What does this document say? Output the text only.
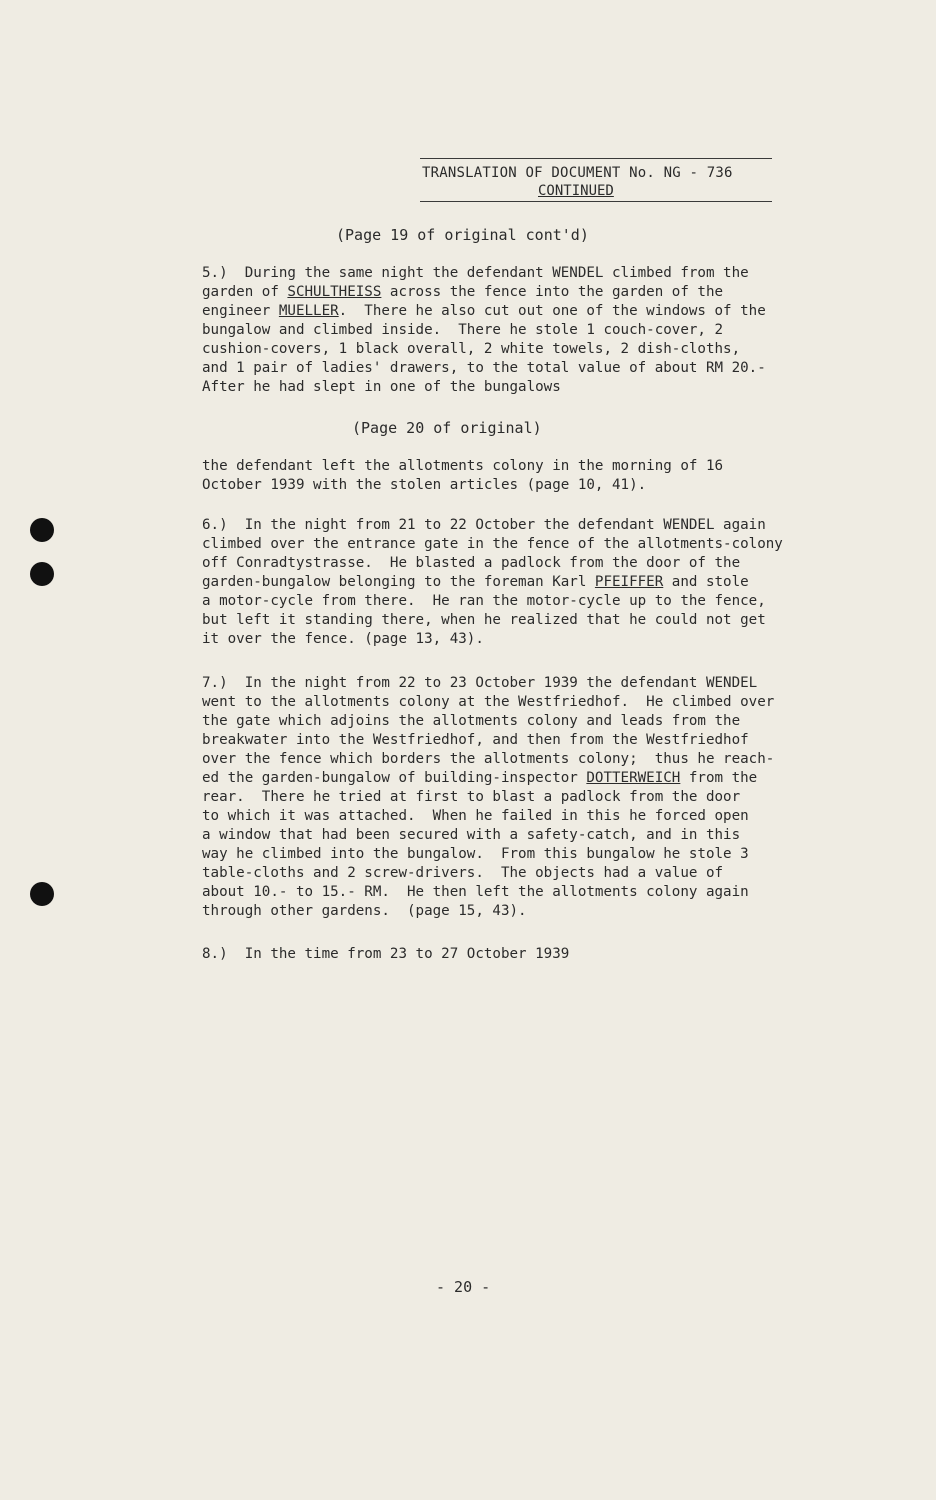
TRANSLATION OF DOCUMENT No. NG - 736
CONTINUED
(Page 19 of original cont'd)
5.)  During the same night the defendant WENDEL climbed from the
garden of SCHULTHEISS across the fence into the garden of the
engineer MUELLER.  There he also cut out one of the windows of the
bungalow and climbed inside.  There he stole 1 couch-cover, 2
cushion-covers, 1 black overall, 2 white towels, 2 dish-cloths,
and 1 pair of ladies' drawers, to the total value of about RM 20.-
After he had slept in one of the bungalows
(Page 20 of original)
the defendant left the allotments colony in the morning of 16
October 1939 with the stolen articles (page 10, 41).
6.)  In the night from 21 to 22 October the defendant WENDEL again
climbed over the entrance gate in the fence of the allotments-colony
off Conradtystrasse.  He blasted a padlock from the door of the
garden-bungalow belonging to the foreman Karl PFEIFFER and stole
a motor-cycle from there.  He ran the motor-cycle up to the fence,
but left it standing there, when he realized that he could not get
it over the fence. (page 13, 43).
7.)  In the night from 22 to 23 October 1939 the defendant WENDEL
went to the allotments colony at the Westfriedhof.  He climbed over
the gate which adjoins the allotments colony and leads from the
breakwater into the Westfriedhof, and then from the Westfriedhof
over the fence which borders the allotments colony;  thus he reach-
ed the garden-bungalow of building-inspector DOTTERWEICH from the
rear.  There he tried at first to blast a padlock from the door
to which it was attached.  When he failed in this he forced open
a window that had been secured with a safety-catch, and in this
way he climbed into the bungalow.  From this bungalow he stole 3
table-cloths and 2 screw-drivers.  The objects had a value of
about 10.- to 15.- RM.  He then left the allotments colony again
through other gardens.  (page 15, 43).
8.)  In the time from 23 to 27 October 1939
- 20 -
